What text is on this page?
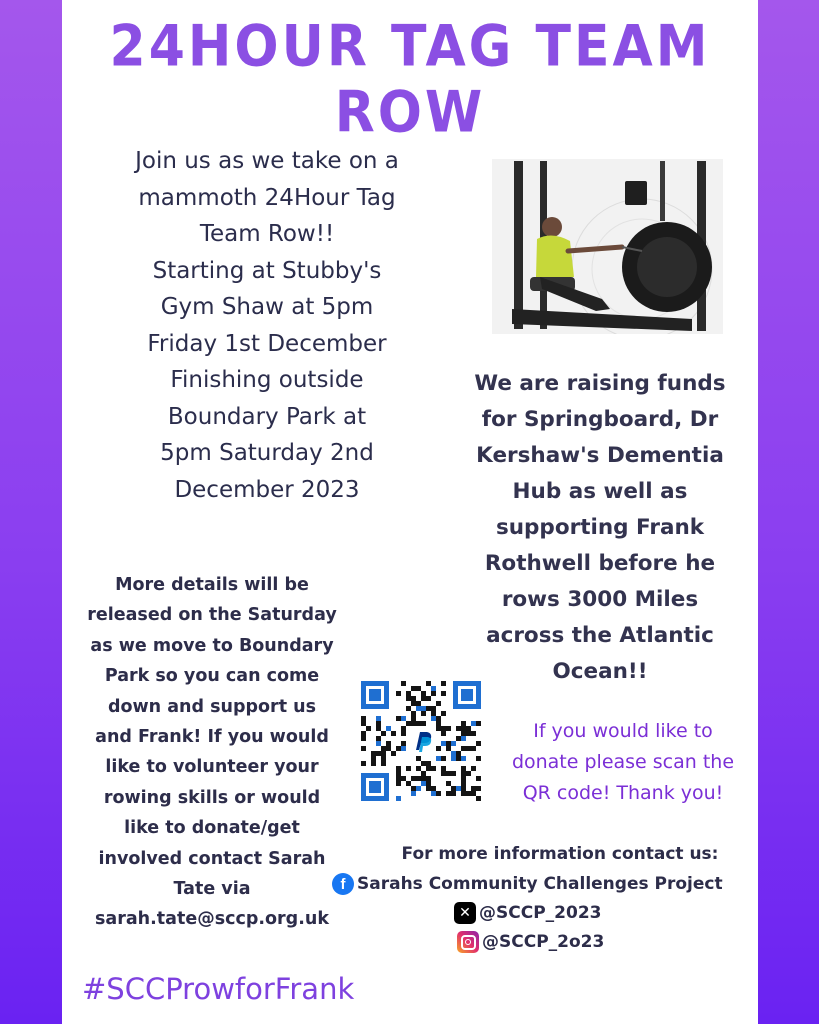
24HOUR TAG TEAM ROW
Join us as we take on a
mammoth 24Hour Tag
Team Row!!
Starting at Stubby's
Gym Shaw at 5pm
Friday 1st December
Finishing outside
Boundary Park at
5pm Saturday 2nd
December 2023
We are raising funds
for Springboard, Dr
Kershaw's Dementia
Hub as well as
supporting Frank
Rothwell before he
rows 3000 Miles
across the Atlantic
Ocean!!
More details will be
released on the Saturday
as we move to Boundary
Park so you can come
down and support us
and Frank! If you would
like to volunteer your
rowing skills or would
like to donate/get
involved contact Sarah
Tate via
sarah.tate@sccp.org.uk
If you would like to
donate please scan the
QR code! Thank you!
For more information contact us:
f Sarahs Community Challenges Project
✕ @SCCP_2023
@SCCP_2o23
#SCCProwforFrank
